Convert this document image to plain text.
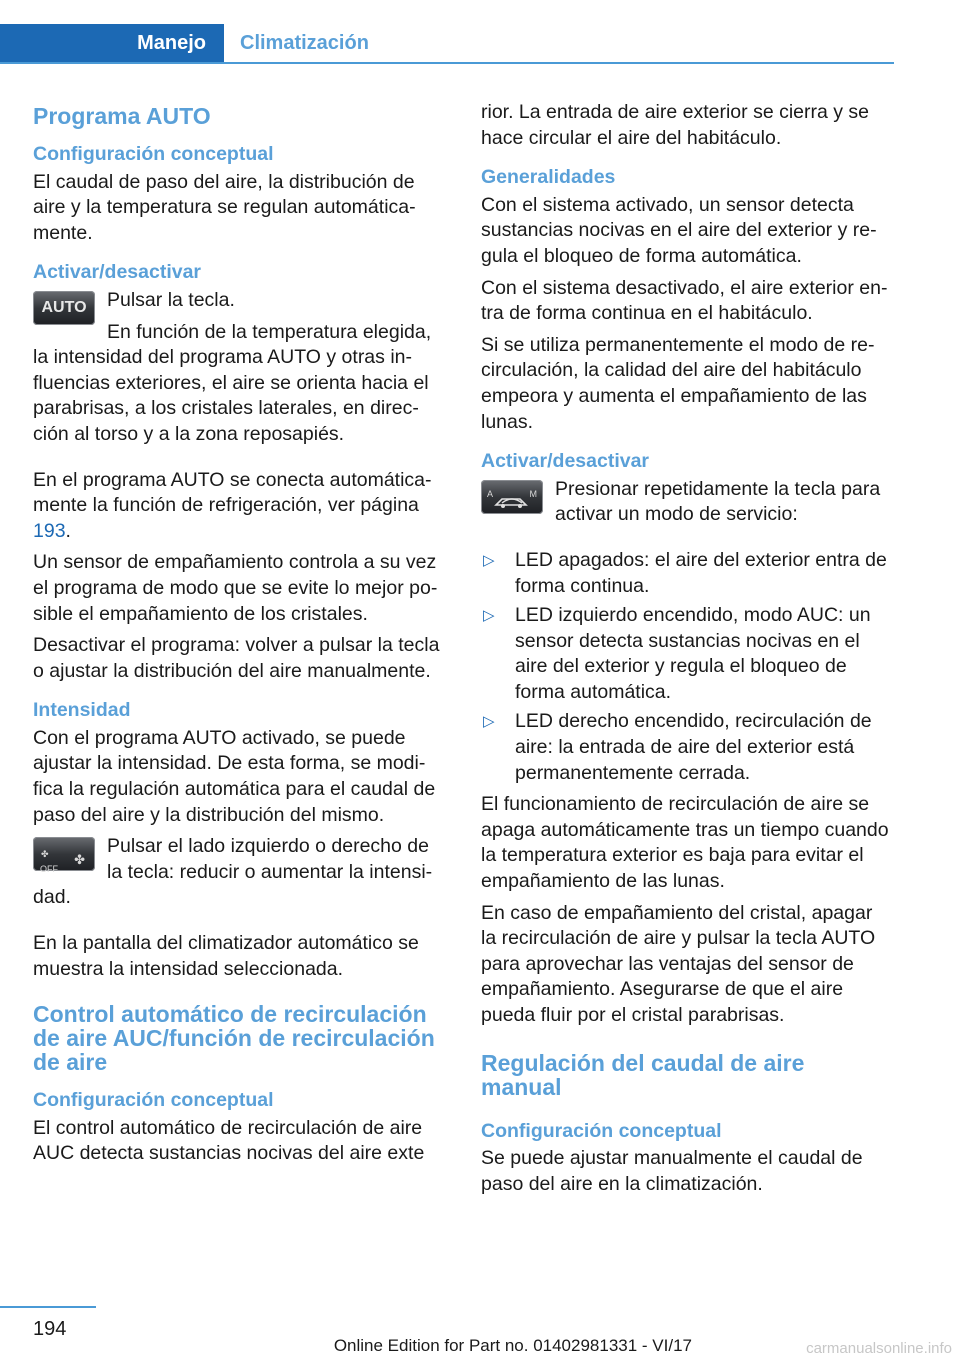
Manejo	Climatización
Programa AUTO
Configuración conceptual

El caudal de paso del aire, la distribución de aire y la temperatura se regulan automáticamente.

Activar/desactivar
AUTO	Pulsar la tecla.

En función de la temperatura elegida, la intensidad del programa AUTO y otras influencias exteriores, el aire se orienta hacia el parabrisas, a los cristales laterales, en dirección al torso y a la zona reposapiés.

En el programa AUTO se conecta automáticamente la función de refrigeración, ver página 193.

Un sensor de empañamiento controla a su vez el programa de modo que se evite lo mejor posible el empañamiento de los cristales.

Desactivar el programa: volver a pulsar la tecla o ajustar la distribución del aire manualmente.

Intensidad

Con el programa AUTO activado, se puede ajustar la intensidad. De esta forma, se modifica la regulación automática para el caudal de paso del aire y la distribución del mismo.

✤
OFF
✤

Pulsar el lado izquierdo o derecho de la tecla: reducir o aumentar la intensidad.

En la pantalla del climatizador automático se muestra la intensidad seleccionada.

Control automático de recirculación de aire AUC/función de recirculación de aire
Configuración conceptual

El control automático de recirculación de aire AUC detecta sustancias nocivas del aire exte

rior. La entrada de aire exterior se cierra y se hace circular el aire del habitáculo.

Generalidades

Con el sistema activado, un sensor detecta sustancias nocivas en el aire del exterior y regula el bloqueo de forma automática.

Con el sistema desactivado, el aire exterior entra de forma continua en el habitáculo.

Si se utiliza permanentemente el modo de recirculación, la calidad del aire del habitáculo empeora y aumenta el empañamiento de las lunas.

Activar/desactivar
A	M Presionar repetidamente la tecla para activar un modo de servicio:

▷ LED apagados: el aire del exterior entra de forma continua.
▷ LED izquierdo encendido, modo AUC: un sensor detecta sustancias nocivas en el aire del exterior y regula el bloqueo de forma automática.
▷ LED derecho encendido, recirculación de aire: la entrada de aire del exterior está permanentemente cerrada.

El funcionamiento de recirculación de aire se apaga automáticamente tras un tiempo cuando la temperatura exterior es baja para evitar el empañamiento de las lunas.

En caso de empañamiento del cristal, apagar la recirculación de aire y pulsar la tecla AUTO para aprovechar las ventajas del sensor de empañamiento. Asegurarse de que el aire pueda fluir por el cristal parabrisas.

Regulación del caudal de aire manual
Configuración conceptual

Se puede ajustar manualmente el caudal de paso del aire en la climatización.

194
Online Edition for Part no. 01402981331 - VI/17	carmanualsonline.info
